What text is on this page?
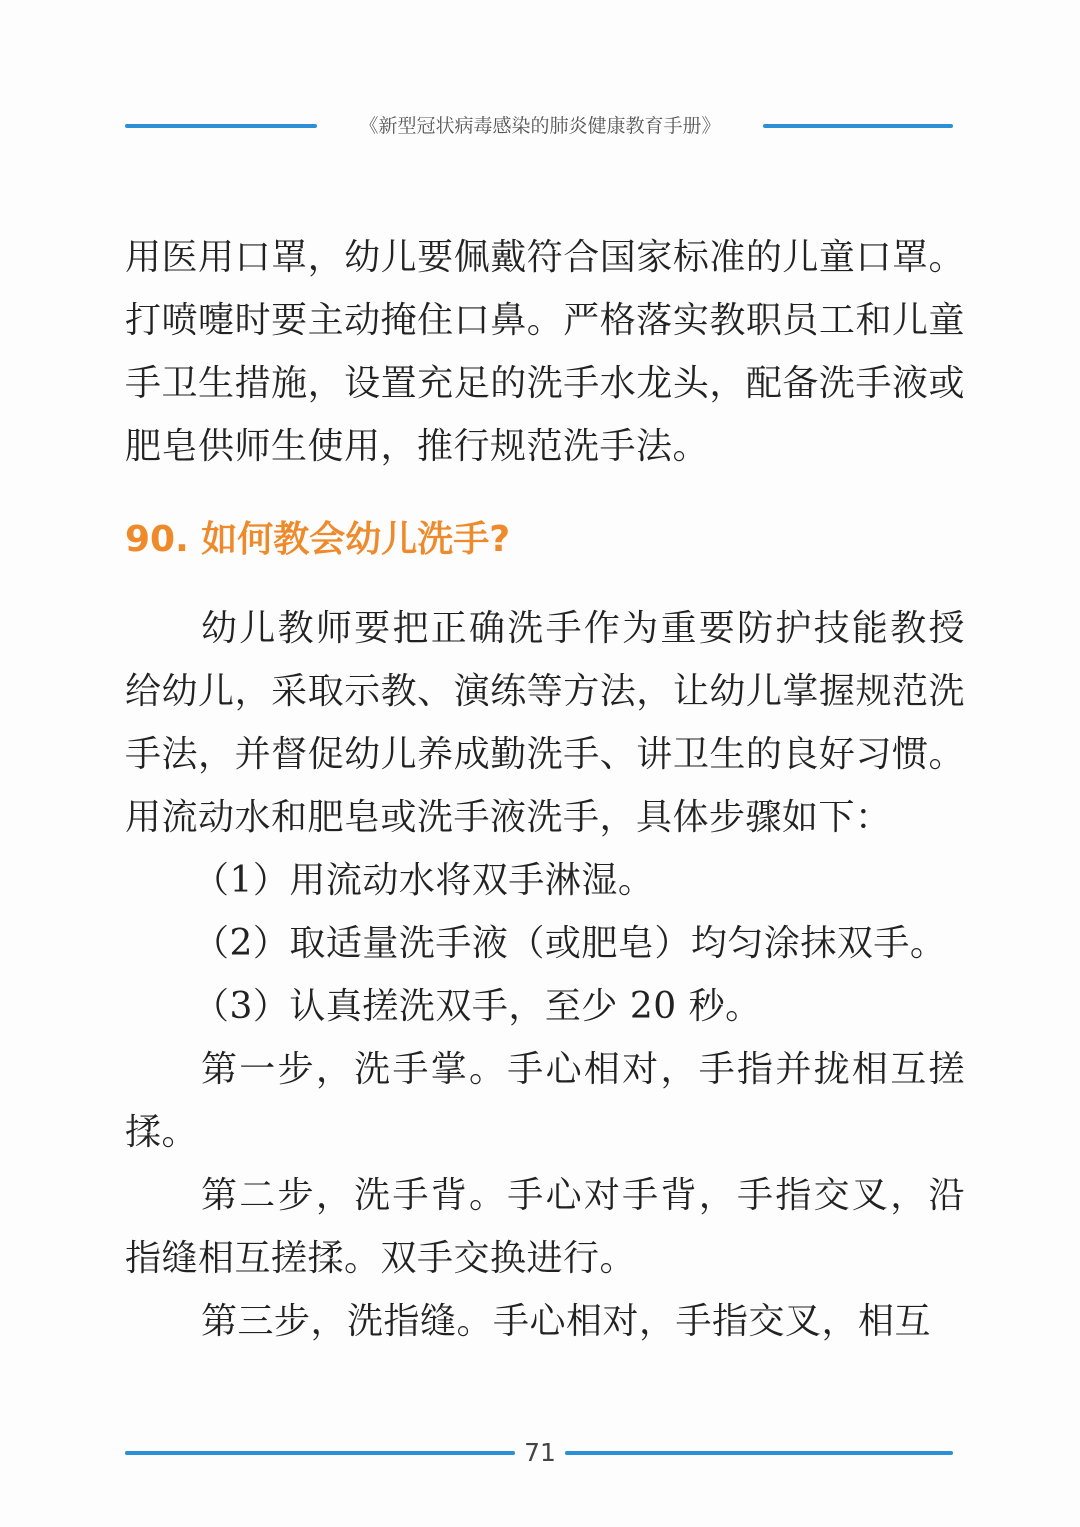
《新型冠状病毒感染的肺炎健康教育手册》

用医用口罩，幼儿要佩戴符合国家标准的儿童口罩。打喷嚏时要主动掩住口鼻。严格落实教职员工和儿童手卫生措施，设置充足的洗手水龙头，配备洗手液或肥皂供师生使用，推行规范洗手法。

90. 如何教会幼儿洗手?

幼儿教师要把正确洗手作为重要防护技能教授给幼儿，采取示教、演练等方法，让幼儿掌握规范洗手法，并督促幼儿养成勤洗手、讲卫生的良好习惯。用流动水和肥皂或洗手液洗手，具体步骤如下：

（1）用流动水将双手淋湿。

（2）取适量洗手液（或肥皂）均匀涂抹双手。

（3）认真搓洗双手，至少 20 秒。

第一步，洗手掌。手心相对，手指并拢相互搓揉。

第二步，洗手背。手心对手背，手指交叉，沿指缝相互搓揉。双手交换进行。

第三步，洗指缝。手心相对，手指交叉，相互

71
